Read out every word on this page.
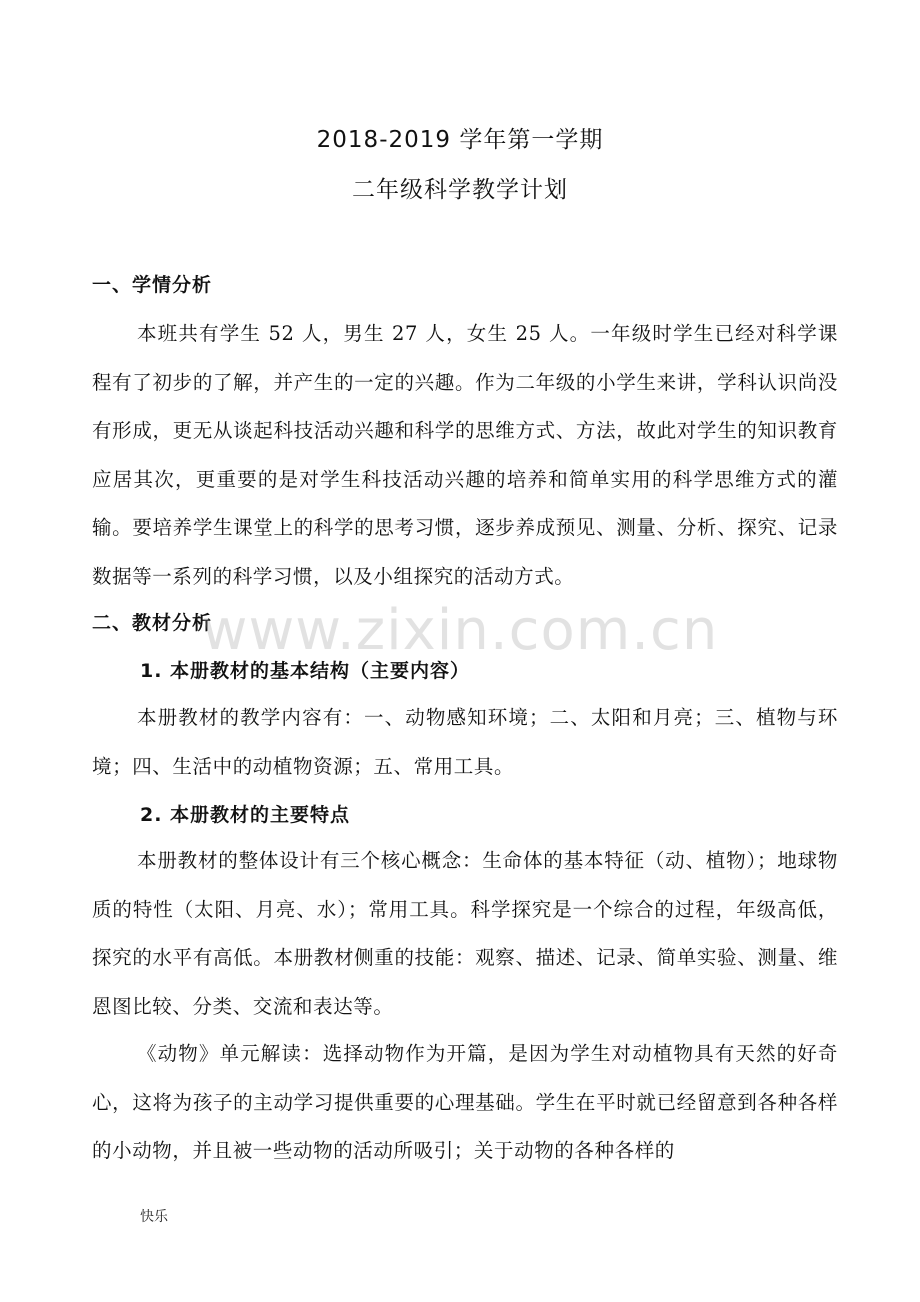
2018-2019 学年第一学期
二年级科学教学计划
一、学情分析
本班共有学生 52 人，男生 27 人，女生 25 人。一年级时学生已经对科学课程有了初步的了解，并产生的一定的兴趣。作为二年级的小学生来讲，学科认识尚没有形成，更无从谈起科技活动兴趣和科学的思维方式、方法，故此对学生的知识教育应居其次，更重要的是对学生科技活动兴趣的培养和简单实用的科学思维方式的灌输。要培养学生课堂上的科学的思考习惯，逐步养成预见、测量、分析、探究、记录数据等一系列的科学习惯，以及小组探究的活动方式。
二、教材分析
1. 本册教材的基本结构（主要内容）
本册教材的教学内容有：一、动物感知环境；二、太阳和月亮；三、植物与环境；四、生活中的动植物资源；五、常用工具。
2. 本册教材的主要特点
本册教材的整体设计有三个核心概念：生命体的基本特征（动、植物）；地球物质的特性（太阳、月亮、水）；常用工具。科学探究是一个综合的过程，年级高低，探究的水平有高低。本册教材侧重的技能：观察、描述、记录、简单实验、测量、维恩图比较、分类、交流和表达等。
《动物》单元解读：选择动物作为开篇，是因为学生对动植物具有天然的好奇心，这将为孩子的主动学习提供重要的心理基础。学生在平时就已经留意到各种各样的小动物，并且被一些动物的活动所吸引；关于动物的各种各样的
www.zixin.com.cn
快乐
